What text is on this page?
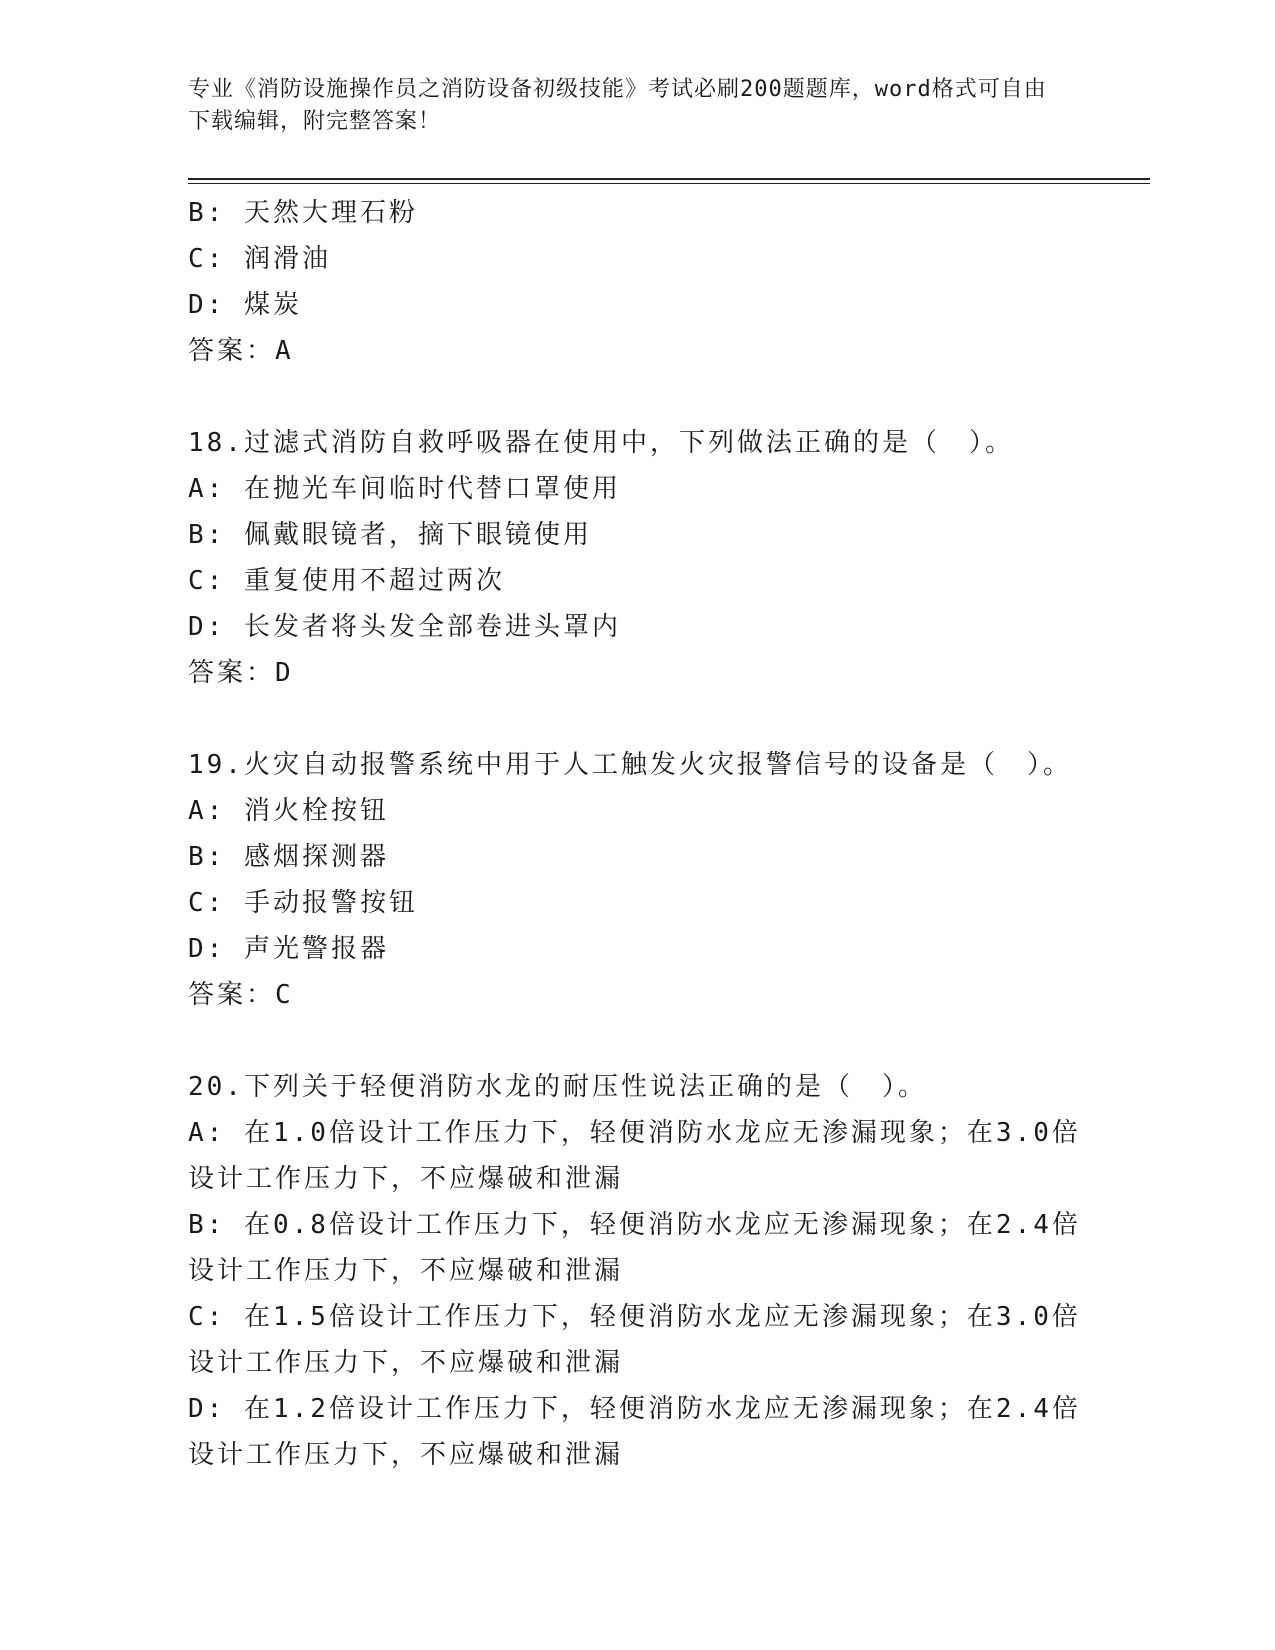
专业《消防设施操作员之消防设备初级技能》考试必刷200题题库，word格式可自由下载编辑，附完整答案！
B: 天然大理石粉
C: 润滑油
D: 煤炭
答案：A
18.过滤式消防自救呼吸器在使用中，下列做法正确的是（　）。
A: 在抛光车间临时代替口罩使用
B: 佩戴眼镜者，摘下眼镜使用
C: 重复使用不超过两次
D: 长发者将头发全部卷进头罩内
答案：D
19.火灾自动报警系统中用于人工触发火灾报警信号的设备是（　）。
A: 消火栓按钮
B: 感烟探测器
C: 手动报警按钮
D: 声光警报器
答案：C
20.下列关于轻便消防水龙的耐压性说法正确的是（　）。
A: 在1.0倍设计工作压力下，轻便消防水龙应无渗漏现象；在3.0倍设计工作压力下，不应爆破和泄漏
B: 在0.8倍设计工作压力下，轻便消防水龙应无渗漏现象；在2.4倍设计工作压力下，不应爆破和泄漏
C: 在1.5倍设计工作压力下，轻便消防水龙应无渗漏现象；在3.0倍设计工作压力下，不应爆破和泄漏
D: 在1.2倍设计工作压力下，轻便消防水龙应无渗漏现象；在2.4倍设计工作压力下，不应爆破和泄漏
